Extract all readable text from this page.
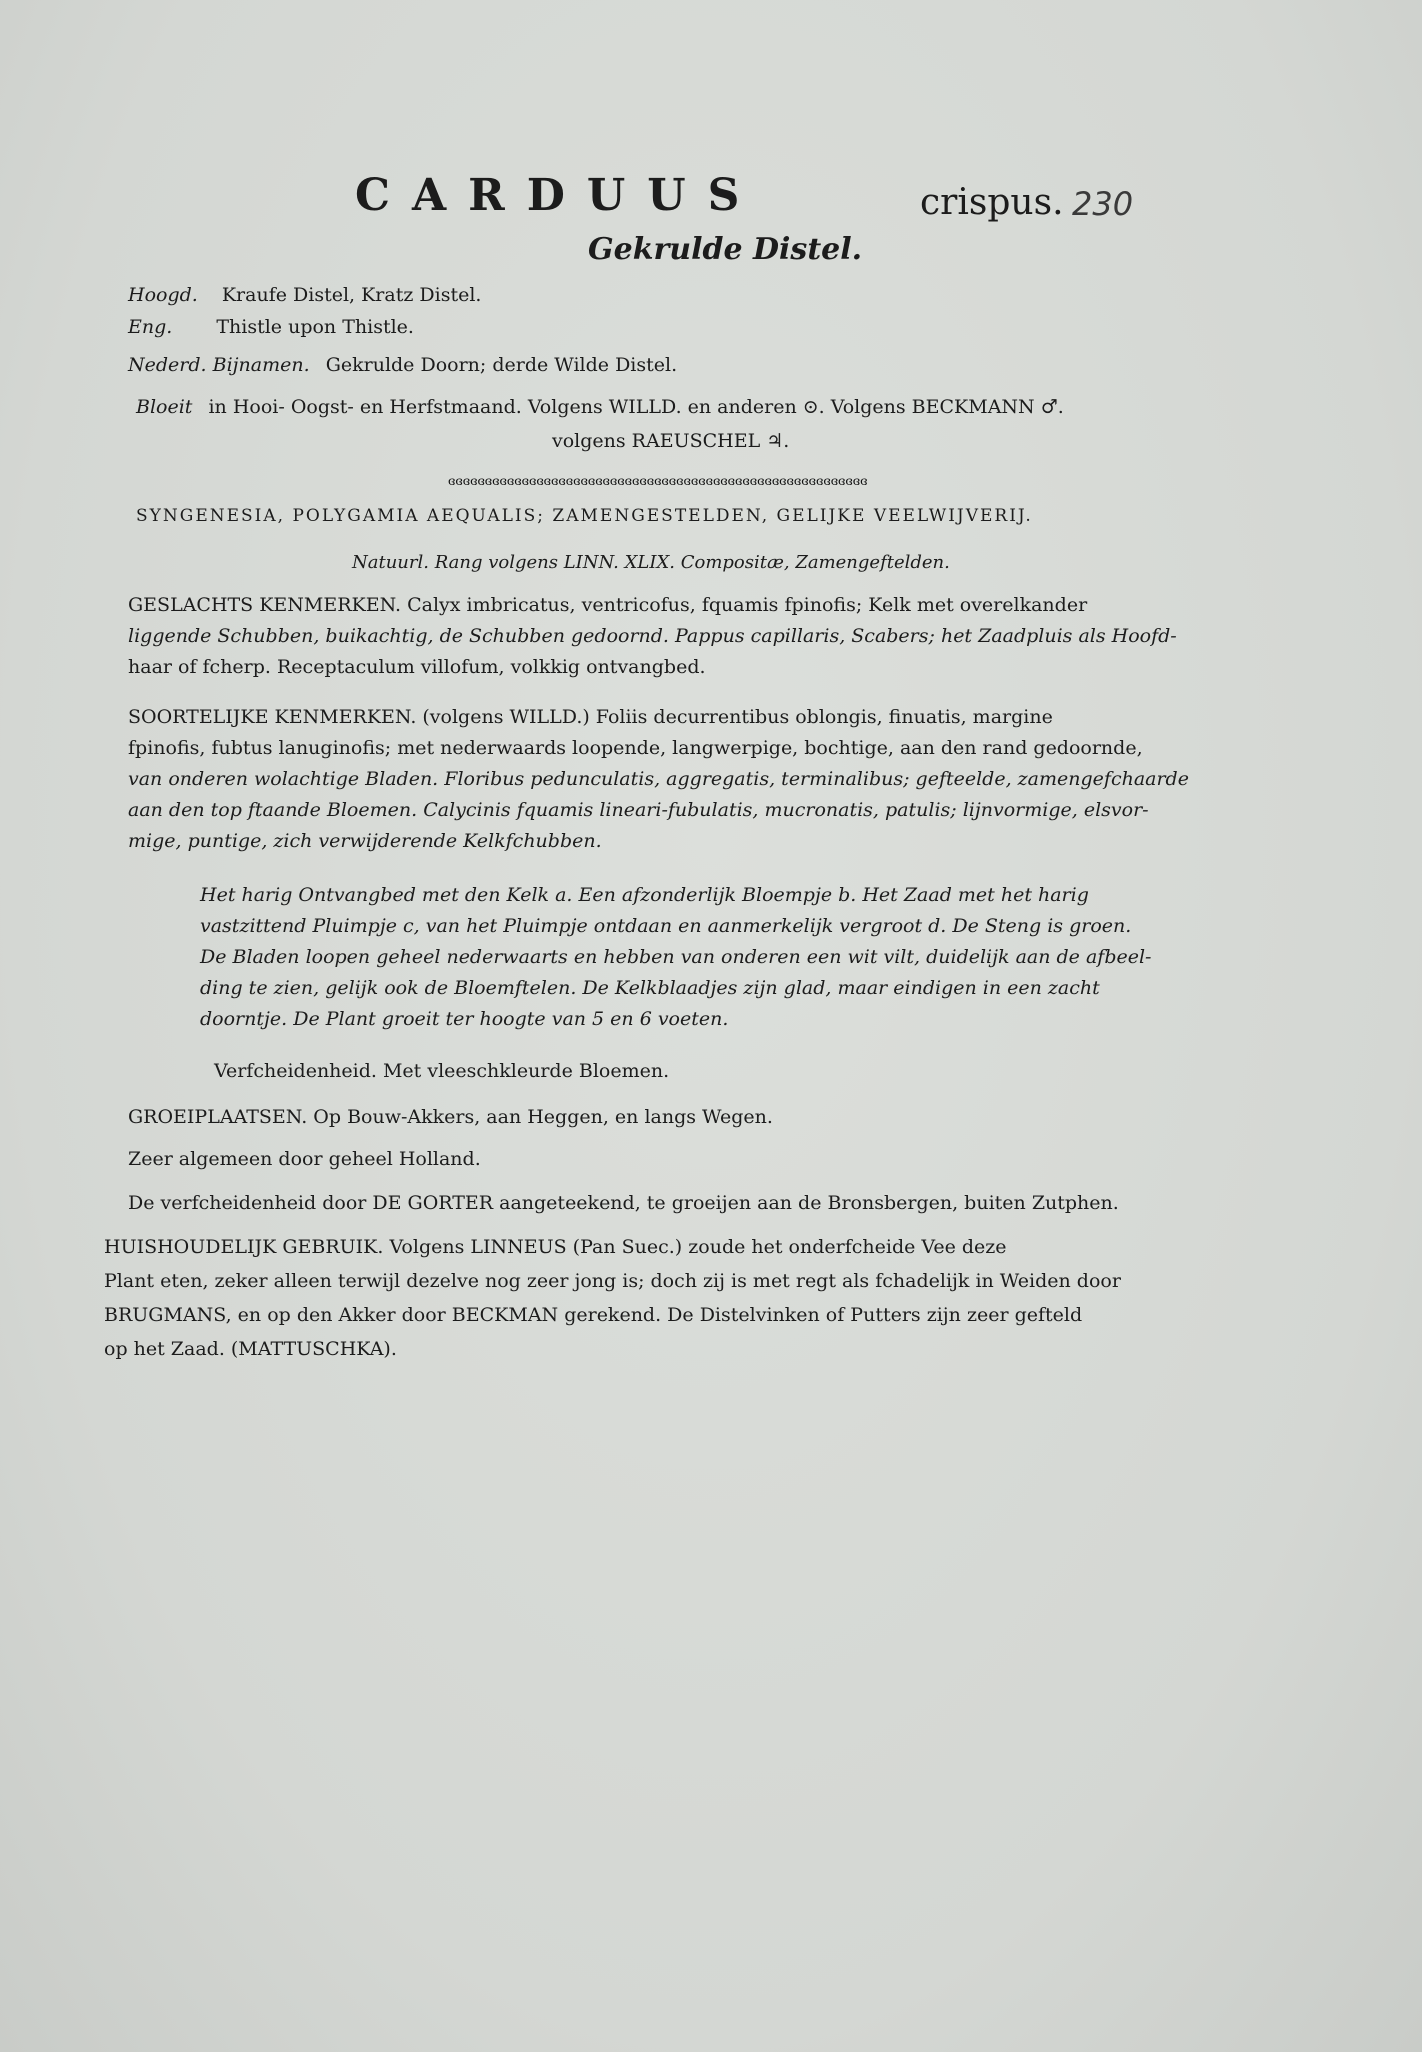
CARDUUS	crispus. 230
Gekrulde Distel.
Hoogd. Kraufe Distel, Kratz Distel.
Eng. Thistle upon Thistle.
Nederd. Bijnamen. Gekrulde Doorn; derde Wilde Distel.
Bloeit in Hooi- Oogst- en Herfstmaand. Volgens WILLD. en anderen ⊙. Volgens BECKMANN ♂.
volgens RAEUSCHEL ♃.
ɞɞɞɞɞɞɞɞɞɞɞɞɞɞɞɞɞɞɞɞɞɞɞɞɞɞɞɞɞɞɞɞɞɞɞɞɞɞɞɞɞɞɞɞɞɞɞɞɞɞɞɞɞɞɞɞɞ
SYNGENESIA, POLYGAMIA AEQUALIS; ZAMENGESTELDEN, GELIJKE VEELWIJVERIJ.
Natuurl. Rang volgens LINN. XLIX. Compositæ, Zamengeftelden.
GESLACHTS KENMERKEN. Calyx imbricatus, ventricofus, fquamis fpinofis; Kelk met overelkander
liggende Schubben, buikachtig, de Schubben gedoornd. Pappus capillaris, Scabers; het Zaadpluis als Hoofd-
haar of fcherp. Receptaculum villofum, volkkig ontvangbed.
SOORTELIJKE KENMERKEN. (volgens WILLD.) Foliis decurrentibus oblongis, finuatis, margine
fpinofis, fubtus lanuginofis; met nederwaards loopende, langwerpige, bochtige, aan den rand gedoornde,
van onderen wolachtige Bladen. Floribus pedunculatis, aggregatis, terminalibus; gefteelde, zamengefchaarde
aan den top ftaande Bloemen. Calycinis fquamis lineari-fubulatis, mucronatis, patulis; lijnvormige, elsvor-
mige, puntige, zich verwijderende Kelkfchubben.
Het harig Ontvangbed met den Kelk a. Een afzonderlijk Bloempje b. Het Zaad met het harig
vastzittend Pluimpje c, van het Pluimpje ontdaan en aanmerkelijk vergroot d. De Steng is groen.
De Bladen loopen geheel nederwaarts en hebben van onderen een wit vilt, duidelijk aan de afbeel-
ding te zien, gelijk ook de Bloemftelen. De Kelkblaadjes zijn glad, maar eindigen in een zacht
doorntje. De Plant groeit ter hoogte van 5 en 6 voeten.
Verfcheidenheid. Met vleeschkleurde Bloemen.
GROEIPLAATSEN. Op Bouw-Akkers, aan Heggen, en langs Wegen.
Zeer algemeen door geheel Holland.
De verfcheidenheid door DE GORTER aangeteekend, te groeijen aan de Bronsbergen, buiten Zutphen.
HUISHOUDELIJK GEBRUIK. Volgens LINNEUS (Pan Suec.) zoude het onderfcheide Vee deze
Plant eten, zeker alleen terwijl dezelve nog zeer jong is; doch zij is met regt als fchadelijk in Weiden door
BRUGMANS, en op den Akker door BECKMAN gerekend. De Distelvinken of Putters zijn zeer gefteld
op het Zaad. (MATTUSCHKA).
